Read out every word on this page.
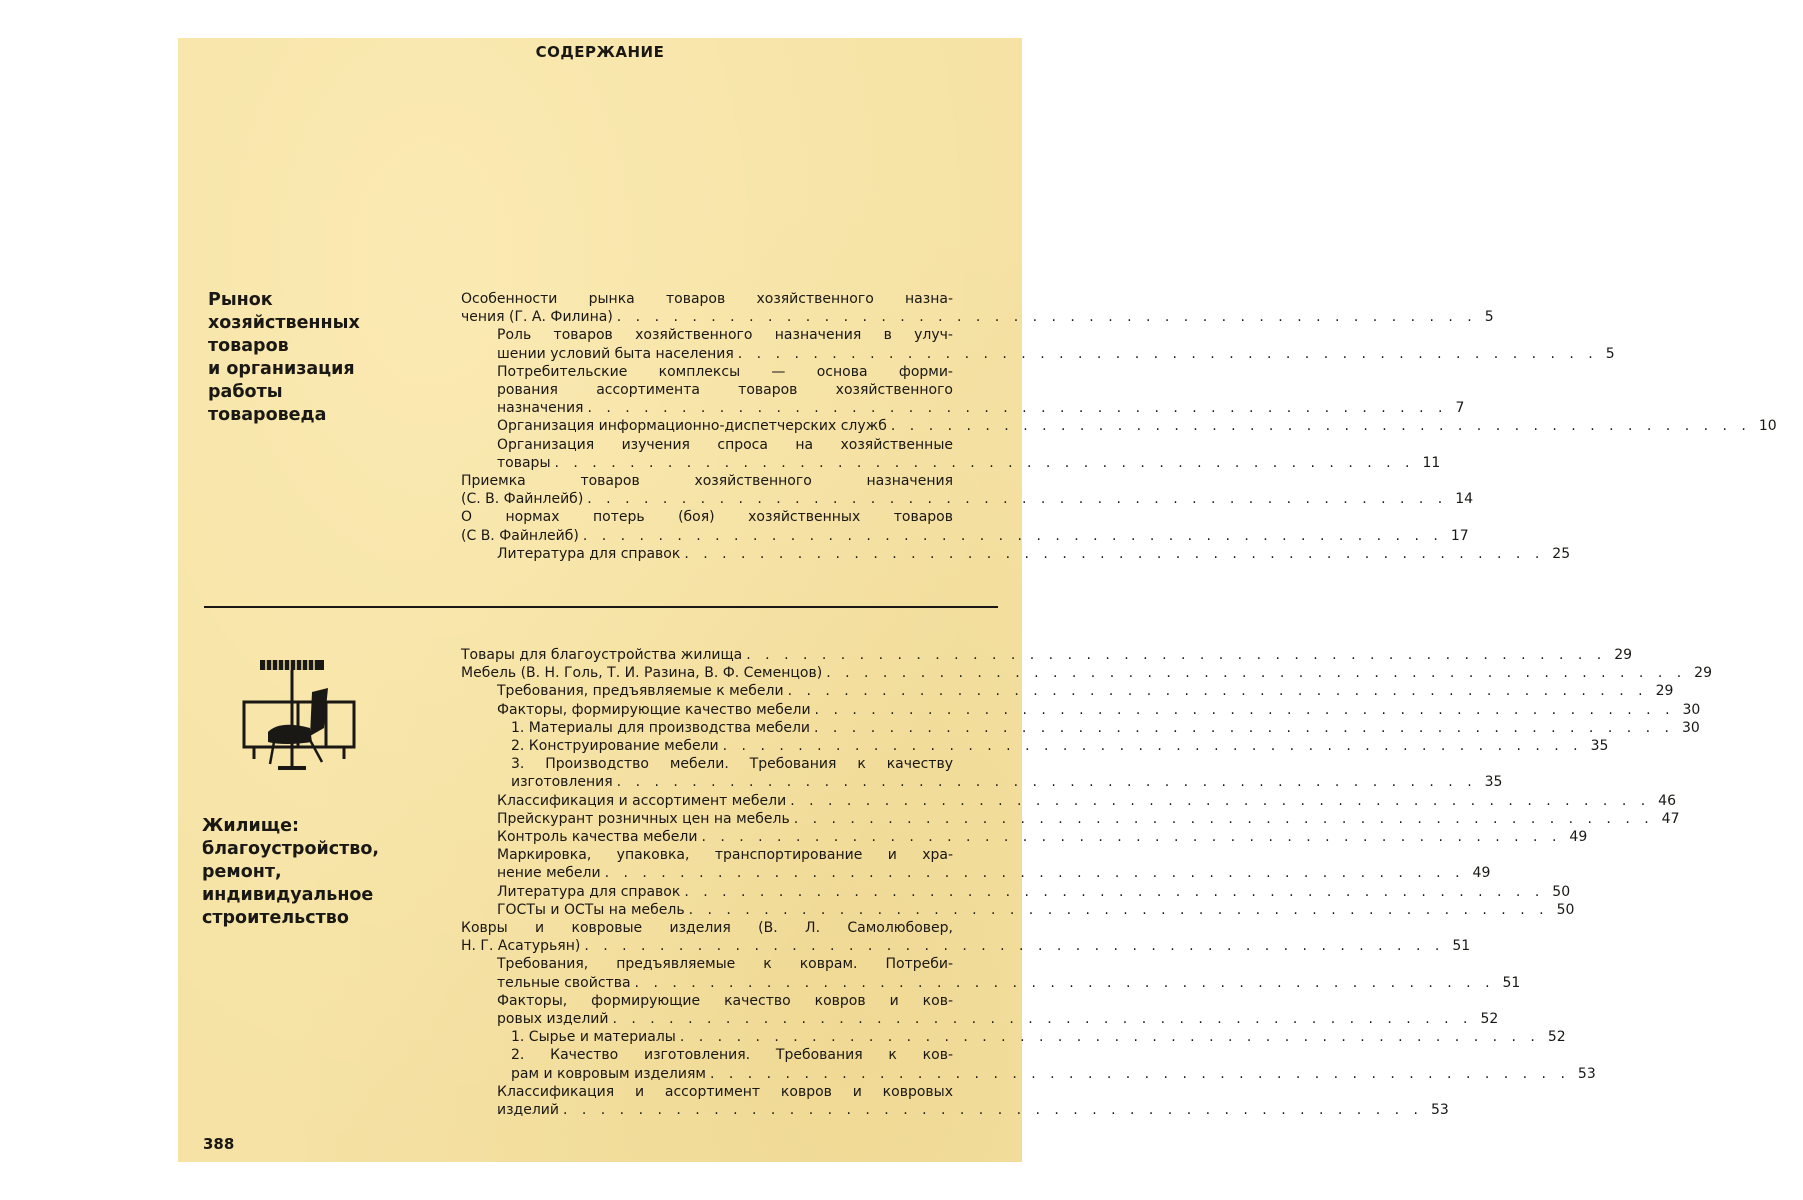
СОДЕРЖАНИЕ
Рынок
хозяйственных
товаров
и организация
работы
товароведа
Особенности рынка товаров хозяйственного назна-
чения (Г. А. Филина) . . . . . . . . . . . . . . . . . . . . . . . . . . . . . . . . . . . . . . . . . . . . . . 5
Роль товаров хозяйственного назначения в улуч-
шении условий быта населения . . . . . . . . . . . . . . . . . . . . . . . . . . . . . . . . . . . . . . . . . . . . . . 5
Потребительские комплексы — основа форми-
рования ассортимента товаров хозяйственного
назначения . . . . . . . . . . . . . . . . . . . . . . . . . . . . . . . . . . . . . . . . . . . . . . 7
Организация информационно-диспетчерских служб . . . . . . . . . . . . . . . . . . . . . . . . . . . . . . . . . . . . . . . . . . . . . . 10
Организация изучения спроса на хозяйственные
товары . . . . . . . . . . . . . . . . . . . . . . . . . . . . . . . . . . . . . . . . . . . . . . 11
Приемка товаров хозяйственного назначения
(С. В. Файнлейб) . . . . . . . . . . . . . . . . . . . . . . . . . . . . . . . . . . . . . . . . . . . . . . 14
О нормах потерь (боя) хозяйственных товаров
(С В. Файнлейб) . . . . . . . . . . . . . . . . . . . . . . . . . . . . . . . . . . . . . . . . . . . . . . 17
Литература для справок . . . . . . . . . . . . . . . . . . . . . . . . . . . . . . . . . . . . . . . . . . . . . . 25
Жилище:
благоустройство,
ремонт,
индивидуальное
строительство
Товары для благоустройства жилища . . . . . . . . . . . . . . . . . . . . . . . . . . . . . . . . . . . . . . . . . . . . . . 29
Мебель (В. Н. Голь, Т. И. Разина, В. Ф. Семенцов) . . . . . . . . . . . . . . . . . . . . . . . . . . . . . . . . . . . . . . . . . . . . . . 29
Требования, предъявляемые к мебели . . . . . . . . . . . . . . . . . . . . . . . . . . . . . . . . . . . . . . . . . . . . . . 29
Факторы, формирующие качество мебели . . . . . . . . . . . . . . . . . . . . . . . . . . . . . . . . . . . . . . . . . . . . . . 30
1. Материалы для производства мебели . . . . . . . . . . . . . . . . . . . . . . . . . . . . . . . . . . . . . . . . . . . . . . 30
2. Конструирование мебели . . . . . . . . . . . . . . . . . . . . . . . . . . . . . . . . . . . . . . . . . . . . . . 35
3. Производство мебели. Требования к качеству
изготовления . . . . . . . . . . . . . . . . . . . . . . . . . . . . . . . . . . . . . . . . . . . . . . 35
Классификация и ассортимент мебели . . . . . . . . . . . . . . . . . . . . . . . . . . . . . . . . . . . . . . . . . . . . . . 46
Прейскурант розничных цен на мебель . . . . . . . . . . . . . . . . . . . . . . . . . . . . . . . . . . . . . . . . . . . . . . 47
Контроль качества мебели . . . . . . . . . . . . . . . . . . . . . . . . . . . . . . . . . . . . . . . . . . . . . . 49
Маркировка, упаковка, транспортирование и хра-
нение мебели . . . . . . . . . . . . . . . . . . . . . . . . . . . . . . . . . . . . . . . . . . . . . . 49
Литература для справок . . . . . . . . . . . . . . . . . . . . . . . . . . . . . . . . . . . . . . . . . . . . . . 50
ГОСТы и ОСТы на мебель . . . . . . . . . . . . . . . . . . . . . . . . . . . . . . . . . . . . . . . . . . . . . . 50
Ковры и ковровые изделия (В. Л. Самолюбовер,
Н. Г. Асатурьян) . . . . . . . . . . . . . . . . . . . . . . . . . . . . . . . . . . . . . . . . . . . . . . 51
Требования, предъявляемые к коврам. Потреби-
тельные свойства . . . . . . . . . . . . . . . . . . . . . . . . . . . . . . . . . . . . . . . . . . . . . . 51
Факторы, формирующие качество ковров и ков-
ровых изделий . . . . . . . . . . . . . . . . . . . . . . . . . . . . . . . . . . . . . . . . . . . . . . 52
1. Сырье и материалы . . . . . . . . . . . . . . . . . . . . . . . . . . . . . . . . . . . . . . . . . . . . . . 52
2. Качество изготовления. Требования к ков-
рам и ковровым изделиям . . . . . . . . . . . . . . . . . . . . . . . . . . . . . . . . . . . . . . . . . . . . . . 53
Классификация и ассортимент ковров и ковровых
изделий . . . . . . . . . . . . . . . . . . . . . . . . . . . . . . . . . . . . . . . . . . . . . . 53
388
